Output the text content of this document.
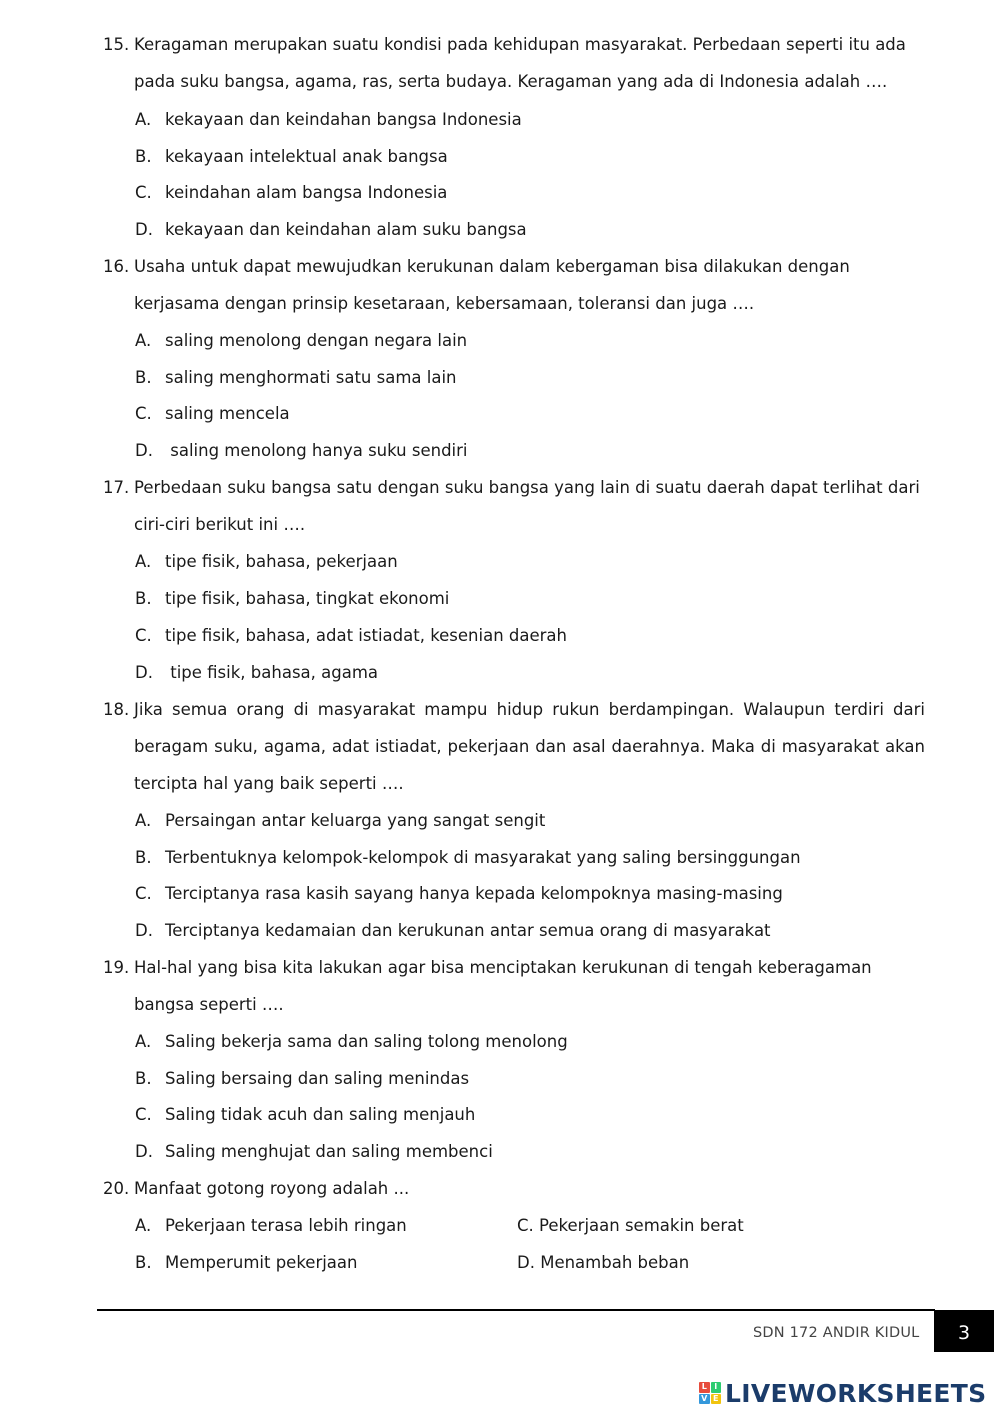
15. Keragaman merupakan suatu kondisi pada kehidupan masyarakat. Perbedaan seperti itu ada pada suku bangsa, agama, ras, serta budaya. Keragaman yang ada di Indonesia adalah ….
A. kekayaan dan keindahan bangsa Indonesia
B. kekayaan intelektual anak bangsa
C. keindahan alam bangsa Indonesia
D. kekayaan dan keindahan alam suku bangsa
16. Usaha untuk dapat mewujudkan kerukunan dalam kebergaman bisa dilakukan dengan kerjasama dengan prinsip kesetaraan, kebersamaan, toleransi dan juga ….
A. saling menolong dengan negara lain
B. saling menghormati satu sama lain
C. saling mencela
D. saling menolong hanya suku sendiri
17. Perbedaan suku bangsa satu dengan suku bangsa yang lain di suatu daerah dapat terlihat dari ciri-ciri berikut ini ….
A. tipe fisik, bahasa, pekerjaan
B. tipe fisik, bahasa, tingkat ekonomi
C. tipe fisik, bahasa, adat istiadat, kesenian daerah
D. tipe fisik, bahasa, agama
18. Jika semua orang di masyarakat mampu hidup rukun berdampingan. Walaupun terdiri dari beragam suku, agama, adat istiadat, pekerjaan dan asal daerahnya. Maka di masyarakat akan tercipta hal yang baik seperti ….
A. Persaingan antar keluarga yang sangat sengit
B. Terbentuknya kelompok-kelompok di masyarakat yang saling bersinggungan
C. Terciptanya rasa kasih sayang hanya kepada kelompoknya masing-masing
D. Terciptanya kedamaian dan kerukunan antar semua orang di masyarakat
19. Hal-hal yang bisa kita lakukan agar bisa menciptakan kerukunan di tengah keberagaman bangsa seperti ….
A. Saling bekerja sama dan saling tolong menolong
B. Saling bersaing dan saling menindas
C. Saling tidak acuh dan saling menjauh
D. Saling menghujat dan saling membenci
20. Manfaat gotong royong adalah ...
A. Pekerjaan terasa lebih ringan	C. Pekerjaan semakin berat
B. Memperumit pekerjaan	D. Menambah beban
SDN 172 ANDIR KIDUL	3
L I
V E LIVEWORKSHEETS
